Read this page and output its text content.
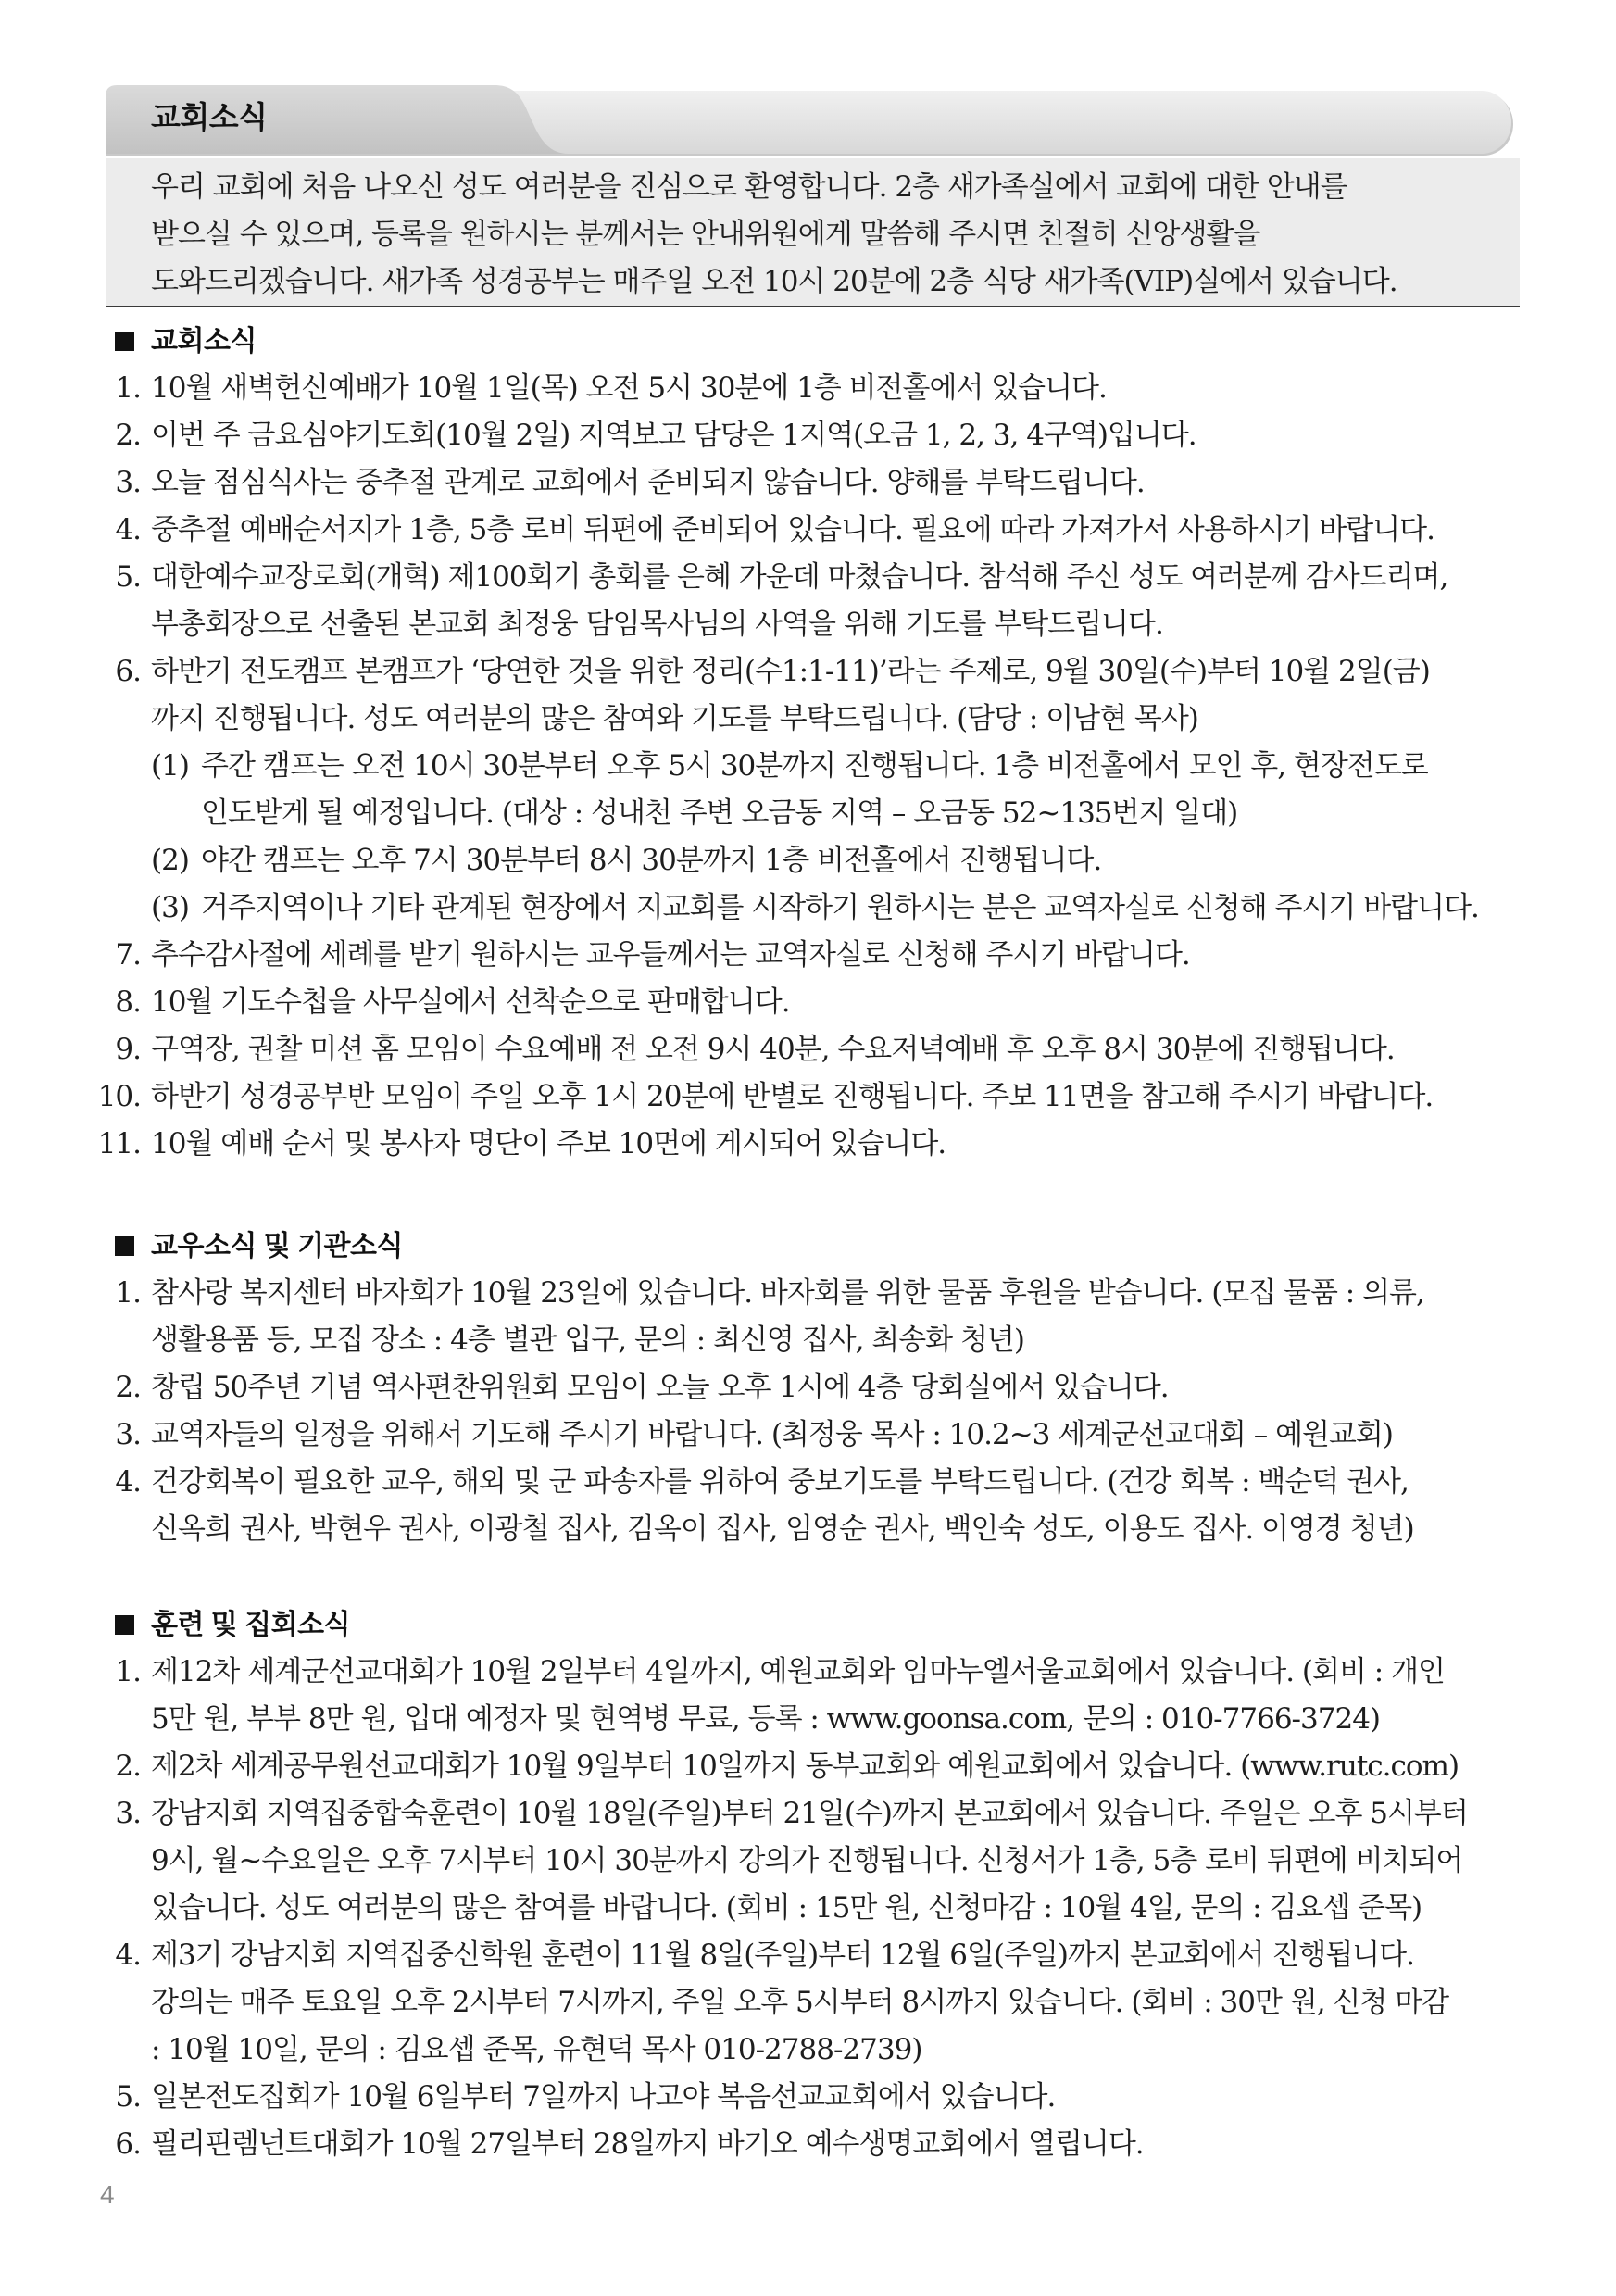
교회소식
우리 교회에 처음 나오신 성도 여러분을 진심으로 환영합니다. 2층 새가족실에서 교회에 대한 안내를
받으실 수 있으며, 등록을 원하시는 분께서는 안내위원에게 말씀해 주시면 친절히 신앙생활을
도와드리겠습니다. 새가족 성경공부는 매주일 오전 10시 20분에 2층 식당 새가족(VIP)실에서 있습니다.
교회소식
1. 10월 새벽헌신예배가 10월 1일(목) 오전 5시 30분에 1층 비전홀에서 있습니다.
2. 이번 주 금요심야기도회(10월 2일) 지역보고 담당은 1지역(오금 1, 2, 3, 4구역)입니다.
3. 오늘 점심식사는 중추절 관계로 교회에서 준비되지 않습니다. 양해를 부탁드립니다.
4. 중추절 예배순서지가 1층, 5층 로비 뒤편에 준비되어 있습니다. 필요에 따라 가져가서 사용하시기 바랍니다.
5. 대한예수교장로회(개혁) 제100회기 총회를 은혜 가운데 마쳤습니다. 참석해 주신 성도 여러분께 감사드리며,
부총회장으로 선출된 본교회 최정웅 담임목사님의 사역을 위해 기도를 부탁드립니다.
6. 하반기 전도캠프 본캠프가 ‘당연한 것을 위한 정리(수1:1-11)’라는 주제로, 9월 30일(수)부터 10월 2일(금)
까지 진행됩니다. 성도 여러분의 많은 참여와 기도를 부탁드립니다. (담당 : 이남현 목사)
(1) 주간 캠프는 오전 10시 30분부터 오후 5시 30분까지 진행됩니다. 1층 비전홀에서 모인 후, 현장전도로
인도받게 될 예정입니다. (대상 : 성내천 주변 오금동 지역 – 오금동 52~135번지 일대)
(2) 야간 캠프는 오후 7시 30분부터 8시 30분까지 1층 비전홀에서 진행됩니다.
(3) 거주지역이나 기타 관계된 현장에서 지교회를 시작하기 원하시는 분은 교역자실로 신청해 주시기 바랍니다.
7. 추수감사절에 세례를 받기 원하시는 교우들께서는 교역자실로 신청해 주시기 바랍니다.
8. 10월 기도수첩을 사무실에서 선착순으로 판매합니다.
9. 구역장, 권찰 미션 홈 모임이 수요예배 전 오전 9시 40분, 수요저녁예배 후 오후 8시 30분에 진행됩니다.
10. 하반기 성경공부반 모임이 주일 오후 1시 20분에 반별로 진행됩니다. 주보 11면을 참고해 주시기 바랍니다.
11. 10월 예배 순서 및 봉사자 명단이 주보 10면에 게시되어 있습니다.
교우소식 및 기관소식
1. 참사랑 복지센터 바자회가 10월 23일에 있습니다. 바자회를 위한 물품 후원을 받습니다. (모집 물품 : 의류,
생활용품 등, 모집 장소 : 4층 별관 입구, 문의 : 최신영 집사, 최송화 청년)
2. 창립 50주년 기념 역사편찬위원회 모임이 오늘 오후 1시에 4층 당회실에서 있습니다.
3. 교역자들의 일정을 위해서 기도해 주시기 바랍니다. (최정웅 목사 : 10.2~3 세계군선교대회 – 예원교회)
4. 건강회복이 필요한 교우, 해외 및 군 파송자를 위하여 중보기도를 부탁드립니다. (건강 회복 : 백순덕 권사,
신옥희 권사, 박현우 권사, 이광철 집사, 김옥이 집사, 임영순 권사, 백인숙 성도, 이용도 집사. 이영경 청년)
훈련 및 집회소식
1. 제12차 세계군선교대회가 10월 2일부터 4일까지, 예원교회와 임마누엘서울교회에서 있습니다. (회비 : 개인
5만 원, 부부 8만 원, 입대 예정자 및 현역병 무료, 등록 : www.goonsa.com, 문의 : 010-7766-3724)
2. 제2차 세계공무원선교대회가 10월 9일부터 10일까지 동부교회와 예원교회에서 있습니다. (www.rutc.com)
3. 강남지회 지역집중합숙훈련이 10월 18일(주일)부터 21일(수)까지 본교회에서 있습니다. 주일은 오후 5시부터
9시, 월~수요일은 오후 7시부터 10시 30분까지 강의가 진행됩니다. 신청서가 1층, 5층 로비 뒤편에 비치되어
있습니다. 성도 여러분의 많은 참여를 바랍니다. (회비 : 15만 원, 신청마감 : 10월 4일, 문의 : 김요셉 준목)
4. 제3기 강남지회 지역집중신학원 훈련이 11월 8일(주일)부터 12월 6일(주일)까지 본교회에서 진행됩니다.
강의는 매주 토요일 오후 2시부터 7시까지, 주일 오후 5시부터 8시까지 있습니다. (회비 : 30만 원, 신청 마감
: 10월 10일, 문의 : 김요셉 준목, 유현덕 목사 010-2788-2739)
5. 일본전도집회가 10월 6일부터 7일까지 나고야 복음선교교회에서 있습니다.
6. 필리핀렘넌트대회가 10월 27일부터 28일까지 바기오 예수생명교회에서 열립니다.
4
